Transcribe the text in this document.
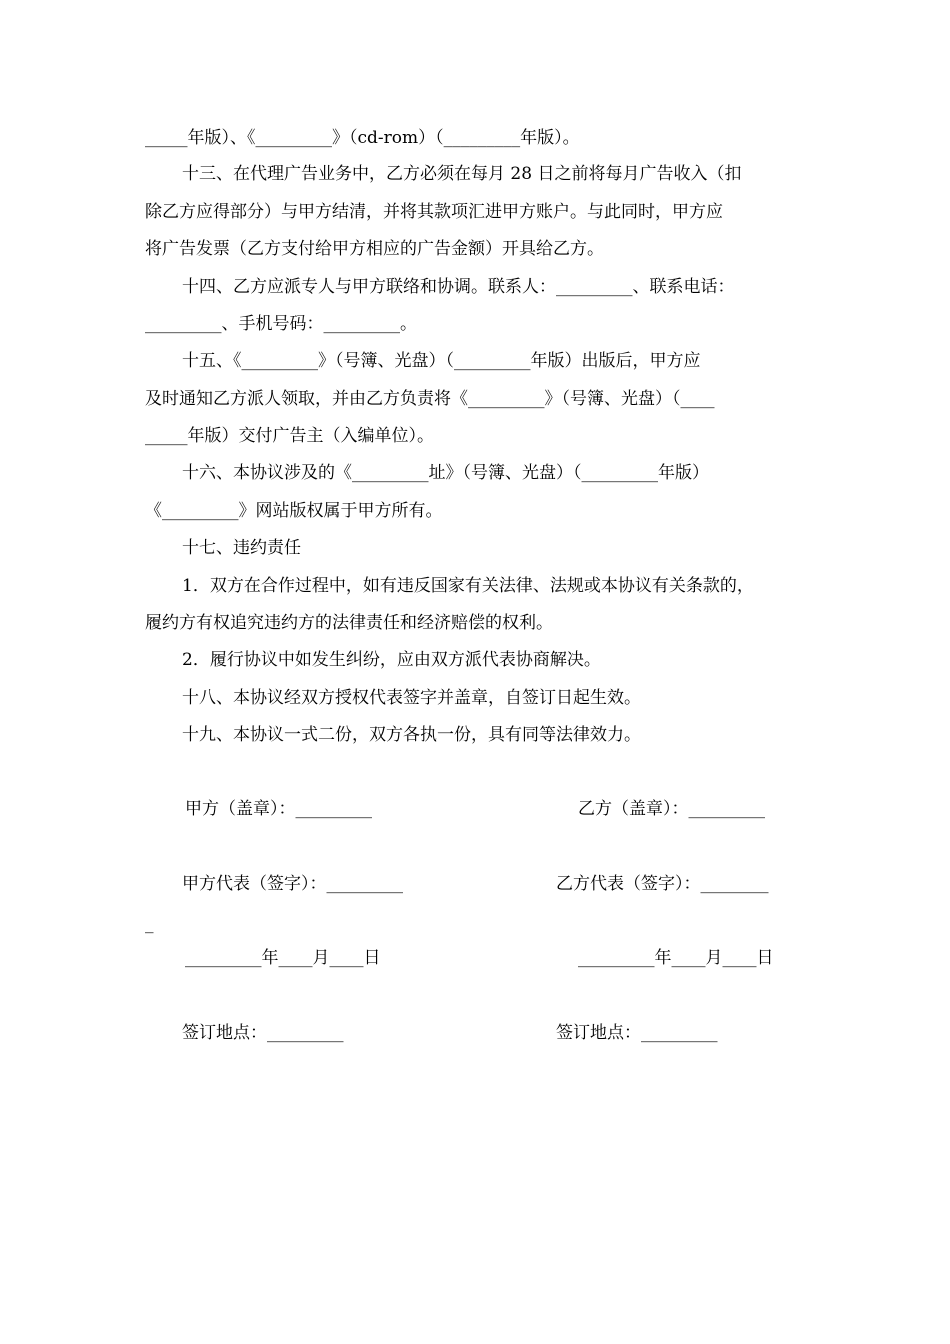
_____年版）、《_________》（cd-rom）（_________年版）。
十三、在代理广告业务中，乙方必须在每月 28 日之前将每月广告收入（扣
除乙方应得部分）与甲方结清，并将其款项汇进甲方账户。与此同时，甲方应
将广告发票（乙方支付给甲方相应的广告金额）开具给乙方。
十四、乙方应派专人与甲方联络和协调。联系人：_________、联系电话：
_________、手机号码：_________。
十五、《_________》（号簿、光盘）（_________年版）出版后，甲方应
及时通知乙方派人领取，并由乙方负责将《_________》（号簿、光盘）（____
_____年版）交付广告主（入编单位）。
十六、本协议涉及的《_________址》（号簿、光盘）（_________年版）
《_________》网站版权属于甲方所有。
十七、违约责任
1．双方在合作过程中，如有违反国家有关法律、法规或本协议有关条款的，
履约方有权追究违约方的法律责任和经济赔偿的权利。
2．履行协议中如发生纠纷，应由双方派代表协商解决。
十八、本协议经双方授权代表签字并盖章，自签订日起生效。
十九、本协议一式二份，双方各执一份，具有同等法律效力。
甲方（盖章）：_________	乙方（盖章）：_________
甲方代表（签字）：_________	乙方代表（签字）：________
_
_________年____月____日	_________年____月____日
签订地点：_________	签订地点：_________
